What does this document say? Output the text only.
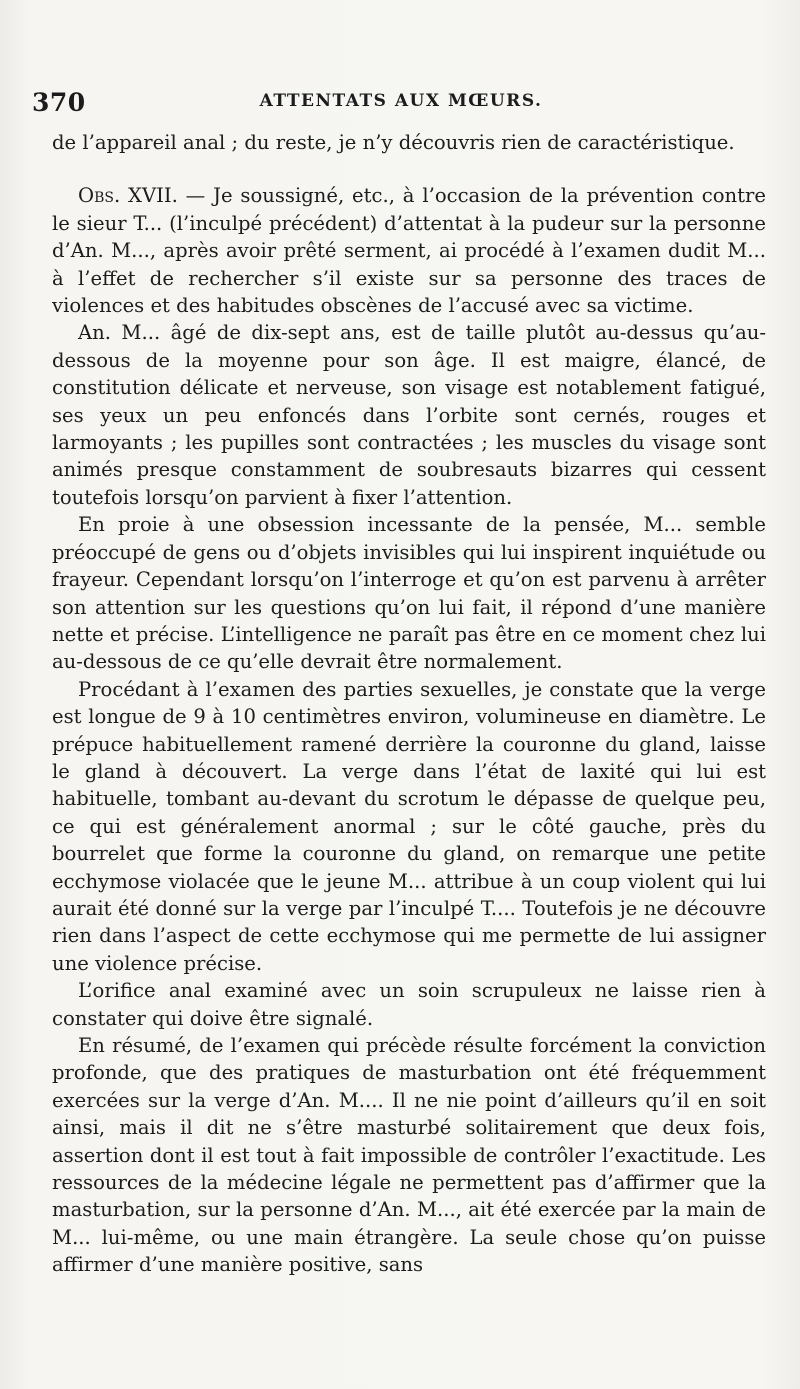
370	ATTENTATS AUX MŒURS.

de l’appareil anal ; du reste, je n’y découvris rien de caractéristique.

Obs. XVII. — Je soussigné, etc., à l’occasion de la prévention contre le sieur T... (l’inculpé précédent) d’attentat à la pudeur sur la personne d’An. M..., après avoir prêté serment, ai procédé à l’examen dudit M... à l’effet de rechercher s’il existe sur sa personne des traces de violences et des habitudes obscènes de l’accusé avec sa victime.

An. M... âgé de dix-sept ans, est de taille plutôt au-dessus qu’au-dessous de la moyenne pour son âge. Il est maigre, élancé, de constitution délicate et nerveuse, son visage est notablement fatigué, ses yeux un peu enfoncés dans l’orbite sont cernés, rouges et larmoyants ; les pupilles sont contractées ; les muscles du visage sont animés presque constamment de soubresauts bizarres qui cessent toutefois lorsqu’on parvient à fixer l’attention.

En proie à une obsession incessante de la pensée, M... semble préoccupé de gens ou d’objets invisibles qui lui inspirent inquiétude ou frayeur. Cependant lorsqu’on l’interroge et qu’on est parvenu à arrêter son attention sur les questions qu’on lui fait, il répond d’une manière nette et précise. L’intelligence ne paraît pas être en ce moment chez lui au-dessous de ce qu’elle devrait être normalement.

Procédant à l’examen des parties sexuelles, je constate que la verge est longue de 9 à 10 centimètres environ, volumineuse en diamètre. Le prépuce habituellement ramené derrière la couronne du gland, laisse le gland à découvert. La verge dans l’état de laxité qui lui est habituelle, tombant au-devant du scrotum le dépasse de quelque peu, ce qui est généralement anormal ; sur le côté gauche, près du bourrelet que forme la couronne du gland, on remarque une petite ecchymose violacée que le jeune M... attribue à un coup violent qui lui aurait été donné sur la verge par l’inculpé T.... Toutefois je ne découvre rien dans l’aspect de cette ecchymose qui me permette de lui assigner une violence précise.

L’orifice anal examiné avec un soin scrupuleux ne laisse rien à constater qui doive être signalé.

En résumé, de l’examen qui précède résulte forcément la conviction profonde, que des pratiques de masturbation ont été fréquemment exercées sur la verge d’An. M.... Il ne nie point d’ailleurs qu’il en soit ainsi, mais il dit ne s’être masturbé solitairement que deux fois, assertion dont il est tout à fait impossible de contrôler l’exactitude. Les ressources de la médecine légale ne permettent pas d’affirmer que la masturbation, sur la personne d’An. M..., ait été exercée par la main de M... lui-même, ou une main étrangère. La seule chose qu’on puisse affirmer d’une manière positive, sans
